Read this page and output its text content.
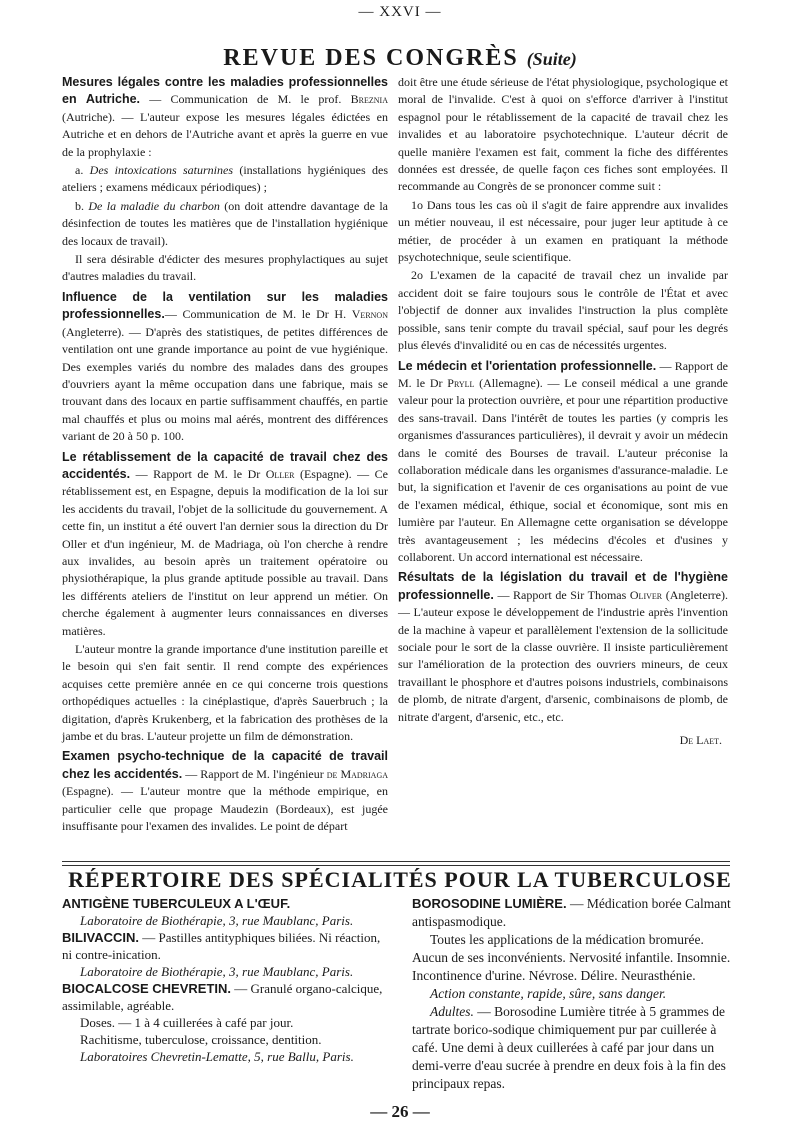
— XXVI —
REVUE DES CONGRÈS (Suite)

Mesures légales contre les maladies professionnelles en Autriche. — Communication de M. le prof. Breznia (Autriche). — L'auteur expose les mesures légales édictées en Autriche et en dehors de l'Autriche avant et après la guerre en vue de la prophylaxie :

a. Des intoxications saturnines (installations hygiéniques des ateliers ; examens médicaux périodiques) ;

b. De la maladie du charbon (on doit attendre davantage de la désinfection de toutes les matières que de l'installation hygiénique des locaux de travail).

Il sera désirable d'édicter des mesures prophylactiques au sujet d'autres maladies du travail.

Influence de la ventilation sur les maladies professionnelles.— Communication de M. le Dr H. Vernon (Angleterre). — D'après des statistiques, de petites différences de ventilation ont une grande importance au point de vue hygiénique. Des exemples variés du nombre des malades dans des groupes d'ouvriers ayant la même occupation dans une fabrique, mais se trouvant dans des locaux en partie suffisamment chauffés, en partie mal chauffés et plus ou moins mal aérés, montrent des différences variant de 20 à 50 p. 100.

Le rétablissement de la capacité de travail chez des accidentés. — Rapport de M. le Dr Oller (Espagne). — Ce rétablissement est, en Espagne, depuis la modification de la loi sur les accidents du travail, l'objet de la sollicitude du gouvernement. A cette fin, un institut a été ouvert l'an dernier sous la direction du Dr Oller et d'un ingénieur, M. de Madriaga, où l'on cherche à rendre aux invalides, au besoin après un traitement opératoire ou physiothérapique, la plus grande aptitude possible au travail. Dans les différents ateliers de l'institut on leur apprend un métier. On cherche également à augmenter leurs connaissances en diverses matières.

L'auteur montre la grande importance d'une institution pareille et le besoin qui s'en fait sentir. Il rend compte des expériences acquises cette première année en ce qui concerne trois questions orthopédiques actuelles : la cinéplastique, d'après Sauerbruch ; la digitation, d'après Krukenberg, et la fabrication des prothèses de la jambe et du bras. L'auteur projette un film de démonstration.

Examen psycho-technique de la capacité de travail chez les accidentés. — Rapport de M. l'ingénieur de Madriaga (Espagne). — L'auteur montre que la méthode empirique, en particulier celle que propage Maudezin (Bordeaux), est jugée insuffisante pour l'examen des invalides. Le point de départ

doit être une étude sérieuse de l'état physiologique, psychologique et moral de l'invalide. C'est à quoi on s'efforce d'arriver à l'institut espagnol pour le rétablissement de la capacité de travail chez les invalides et au laboratoire psychotechnique. L'auteur décrit de quelle manière l'examen est fait, comment la fiche des différentes données est dressée, de quelle façon ces fiches sont employées. Il recommande au Congrès de se prononcer comme suit :

1o Dans tous les cas où il s'agit de faire apprendre aux invalides un métier nouveau, il est nécessaire, pour juger leur aptitude à ce métier, de procéder à un examen en pratiquant la méthode psychotechnique, seule scientifique.

2o L'examen de la capacité de travail chez un invalide par accident doit se faire toujours sous le contrôle de l'État et avec l'objectif de donner aux invalides l'instruction la plus complète possible, sans tenir compte du travail spécial, sauf pour les degrés plus élevés d'invalidité ou en cas de nécessités urgentes.

Le médecin et l'orientation professionnelle. — Rapport de M. le Dr Pryll (Allemagne). — Le conseil médical a une grande valeur pour la protection ouvrière, et pour une répartition productive des sans-travail. Dans l'intérêt de toutes les parties (y compris les organismes d'assurances particulières), il devrait y avoir un médecin dans le comité des Bourses de travail. L'auteur préconise la collaboration médicale dans les organismes d'assurance-maladie. Le but, la signification et l'avenir de ces organisations au point de vue de l'examen médical, éthique, social et économique, sont mis en lumière par l'auteur. En Allemagne cette organisation se développe très avantageusement ; les médecins d'écoles et d'usines y collaborent. Un accord international est nécessaire.

Résultats de la législation du travail et de l'hygiène professionnelle. — Rapport de Sir Thomas Oliver (Angleterre). — L'auteur expose le développement de l'industrie après l'invention de la machine à vapeur et parallèlement l'extension de la sollicitude sociale pour le sort de la classe ouvrière. Il insiste particulièrement sur l'amélioration de la protection des ouvriers mineurs, de ceux travaillant le phosphore et d'autres poisons industriels, combinaisons de plomb, de nitrate d'argent, d'arsenic, combinaisons de plomb, de nitrate d'argent, d'arsenic, etc., etc.

De Laet.
RÉPERTOIRE DES SPÉCIALITÉS POUR LA TUBERCULOSE

ANTIGÈNE TUBERCULEUX A L'ŒUF.

Laboratoire de Biothérapie, 3, rue Maublanc, Paris.

BILIVACCIN. — Pastilles antityphiques biliées. Ni réaction, ni contre-inication.

Laboratoire de Biothérapie, 3, rue Maublanc, Paris.

BIOCALCOSE CHEVRETIN. — Granulé organo-calcique, assimilable, agréable.

Doses. — 1 à 4 cuillerées à café par jour.

Rachitisme, tuberculose, croissance, dentition.

Laboratoires Chevretin-Lematte, 5, rue Ballu, Paris.

BOROSODINE LUMIÈRE. — Médication borée Calmant antispasmodique.

Toutes les applications de la médication bromurée. Aucun de ses inconvénients. Nervosité infantile. Insomnie. Incontinence d'urine. Névrose. Délire. Neurasthénie.

Action constante, rapide, sûre, sans danger.

Adultes. — Borosodine Lumière titrée à 5 grammes de tartrate borico-sodique chimiquement pur par cuillerée à café. Une demi à deux cuillerées à café par jour dans un demi-verre d'eau sucrée à prendre en deux fois à la fin des principaux repas.

— 26 —
